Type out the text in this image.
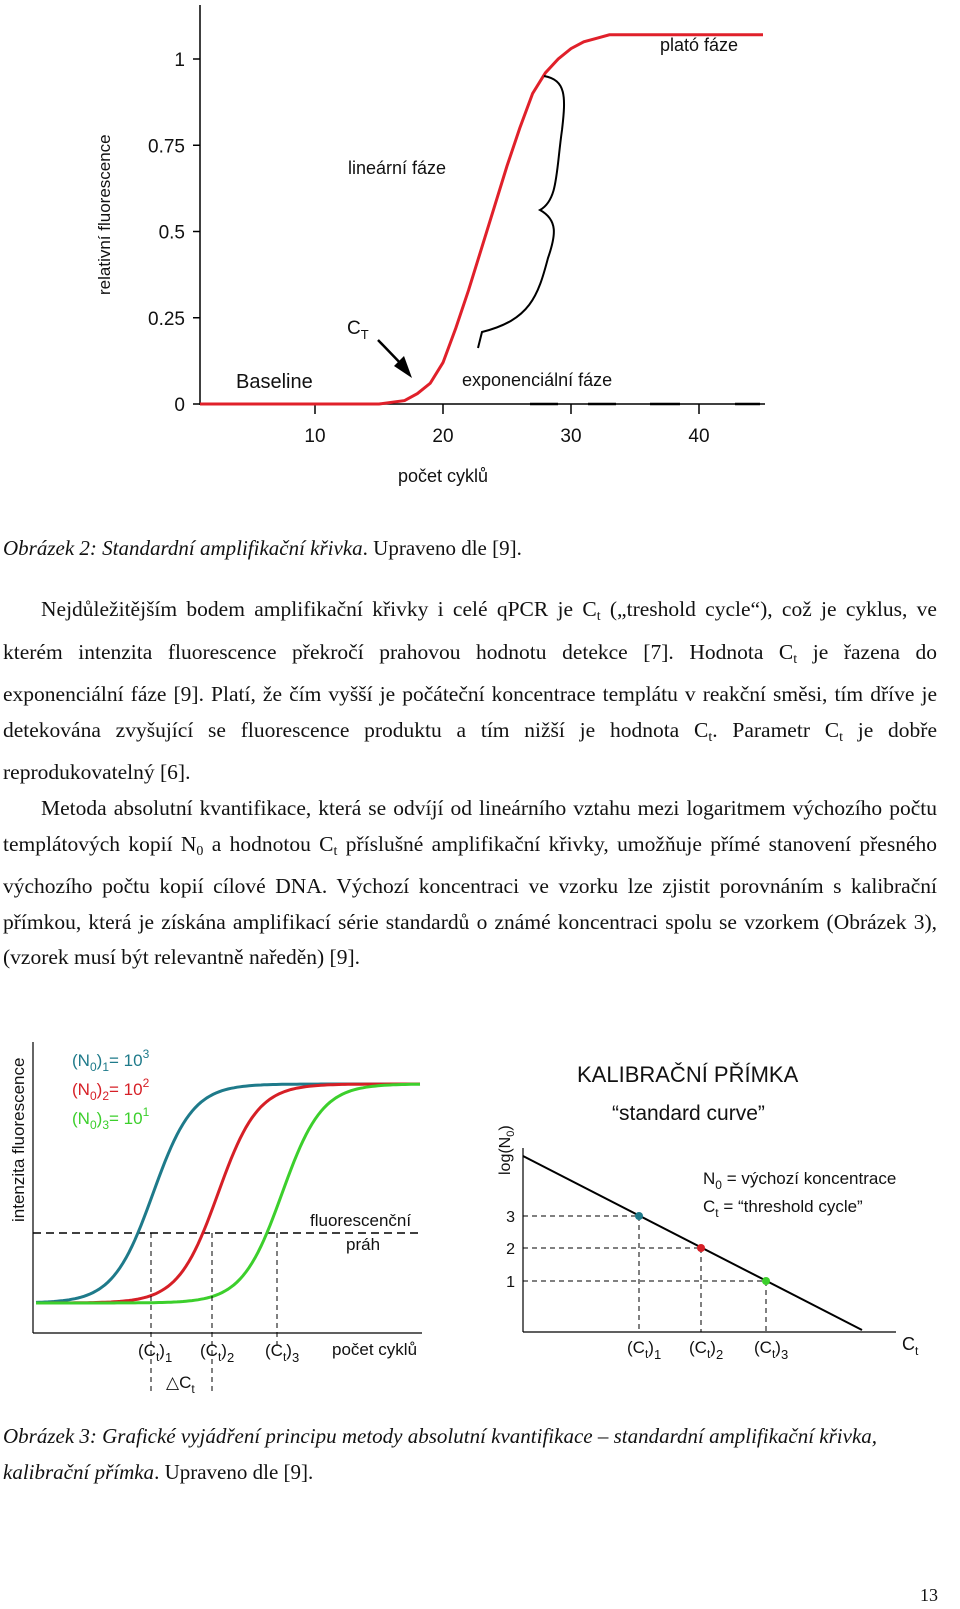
1
0.75
0.5
0.25
0
10	20	30	40
relativní fluorescence
počet cyklů
plató fáze
lineární fáze
Baseline	exponenciální fáze
$C_T$
Obrázek 2: Standardní amplifikační křivka. Upraveno dle [9].

Nejdůležitějším bodem amplifikační křivky i celé qPCR je $C_t$ („treshold cycle“), což je cyklus, ve kterém intenzita fluorescence překročí prahovou hodnotu detekce [7]. Hodnota $C_t$ je řazena do exponenciální fáze [9]. Platí, že čím vyšší je počáteční koncentrace templátu v reakční směsi, tím dříve je detekována zvyšující se fluorescence produktu a tím nižší je hodnota $C_t$. Parametr $C_t$ je dobře reprodukovatelný [6].

Metoda absolutní kvantifikace, která se odvíjí od lineárního vztahu mezi logaritmem výchozího počtu templátových kopií $N_0$ a hodnotou $C_t$ příslušné amplifikační křivky, umožňuje přímé stanovení přesného výchozího počtu kopií cílové DNA. Výchozí koncentraci ve vzorku lze zjistit porovnáním s kalibrační přímkou, která je získána amplifikací série standardů o známé koncentraci spolu se vzorkem (Obrázek 3), (vzorek musí být relevantně naředěn) [9].

intenzita fluorescence	$(N_0)_1= 10^3$
$(N_0)_2= 10^2$
$(N_0)_3= 10^1$
fluorescenční
práh
$(C_t)_1$ $(C_t)_2$ $(C_t)_3$ počet cyklů
$\triangle C_t$
KALIBRAČNÍ PŘÍMKA
“standard curve”
$\log(N_0)$
$N_0$ = výchozí koncentrace
$C_t$ = “threshold cycle”
3
2
1
$(C_t)_1$ $(C_t)_2$ $(C_t)_3$
$C_t$
Obrázek 3: Grafické vyjádření principu metody absolutní kvantifikace – standardní amplifikační křivka, kalibrační přímka. Upraveno dle [9].
13
